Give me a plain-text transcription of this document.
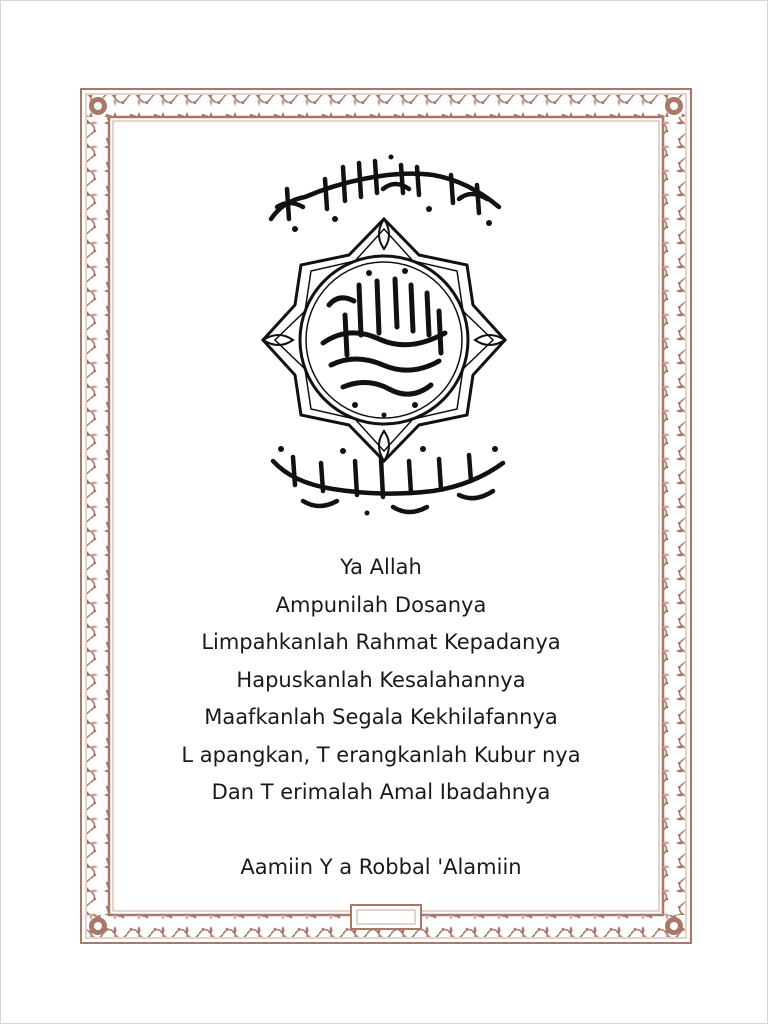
Ya Allah
Ampunilah Dosanya
Limpahkanlah Rahmat Kepadanya
Hapuskanlah Kesalahannya
Maafkanlah Segala Kekhilafannya
L apangkan, T erangkanlah Kubur nya
Dan T erimalah Amal Ibadahnya
Aamiin Y a Robbal 'Alamiin
